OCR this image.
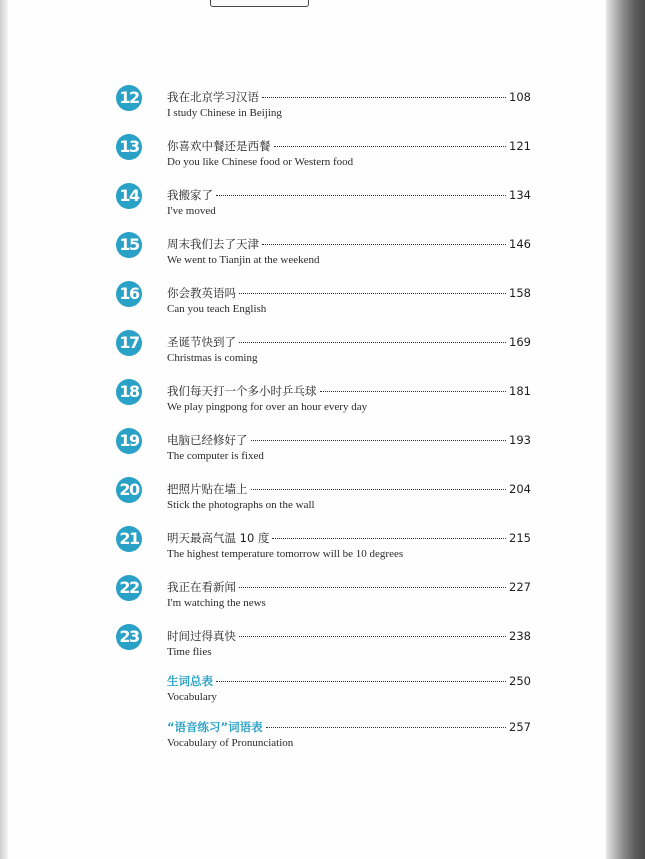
12 我在北京学习汉语	108
I study Chinese in Beijing
13 你喜欢中餐还是西餐	121
Do you like Chinese food or Western food
14 我搬家了	134
I've moved
15 周末我们去了天津	146
We went to Tianjin at the weekend
16 你会教英语吗	158
Can you teach English
17 圣诞节快到了	169
Christmas is coming
18 我们每天打一个多小时乒乓球	181
We play pingpong for over an hour every day
19 电脑已经修好了	193
The computer is fixed
20 把照片贴在墙上	204
Stick the photographs on the wall
21 明天最高气温 10 度	215
The highest temperature tomorrow will be 10 degrees
22 我正在看新闻	227
I'm watching the news
23 时间过得真快	238
Time flies
生词总表	250
Vocabulary
“语音练习”词语表	257
Vocabulary of Pronunciation
